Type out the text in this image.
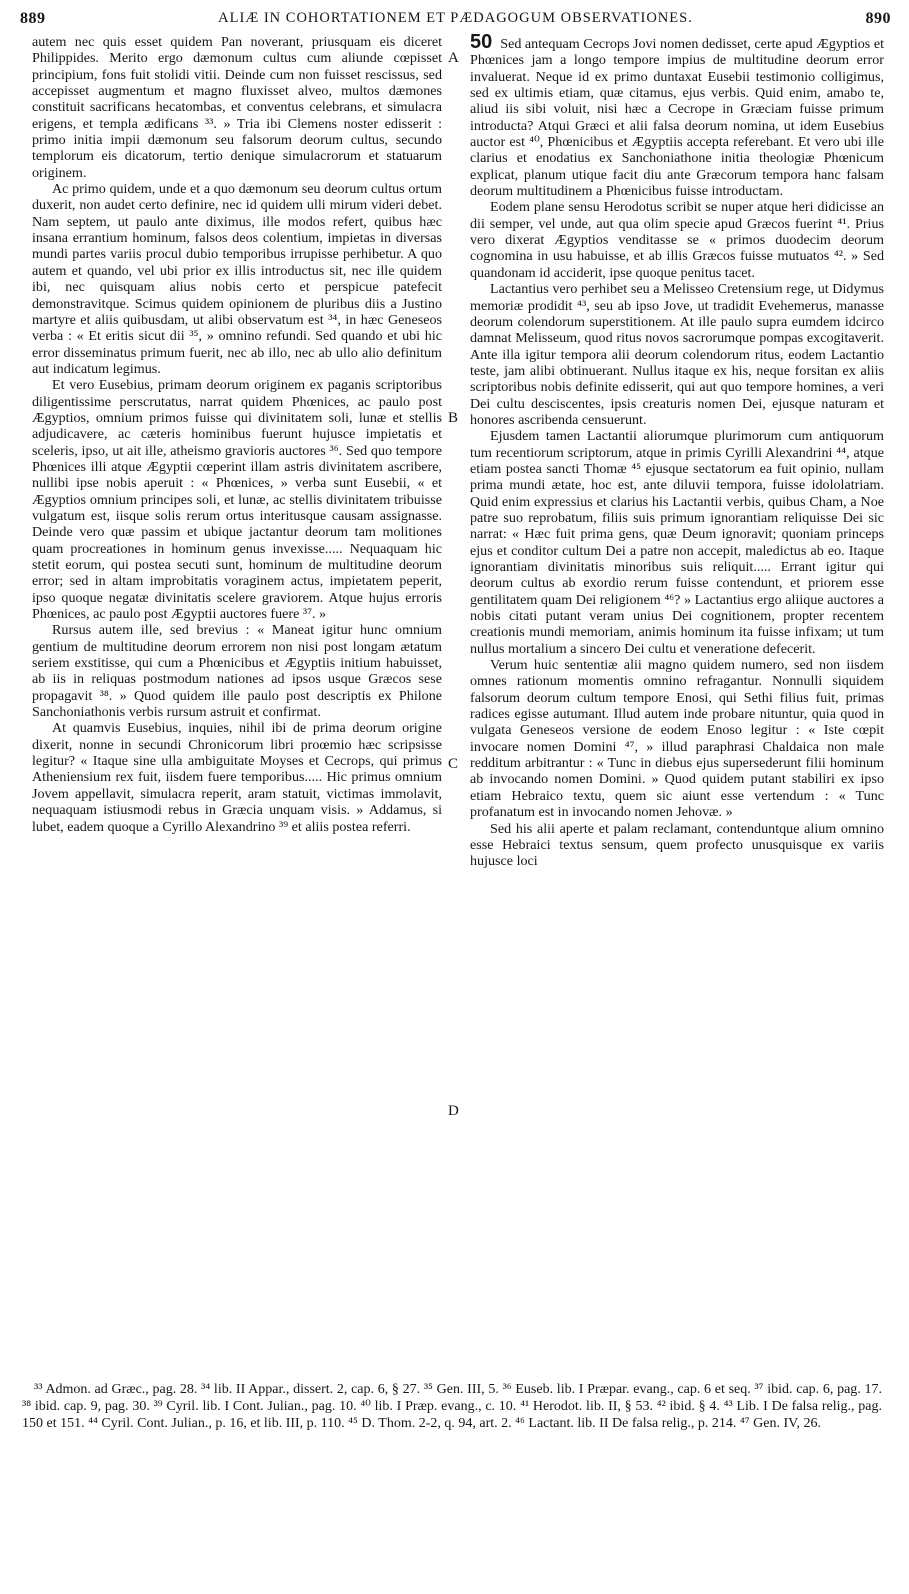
889	ALIÆ IN COHORTATIONEM ET PÆDAGOGUM OBSERVATIONES.	890

autem nec quis esset quidem Pan noverant, priusquam eis diceret Philippides. Merito ergo dæmonum cultus cum aliunde cœpisset principium, fons fuit stolidi vitii. Deinde cum non fuisset rescissus, sed accepisset augmentum et magno fluxisset alveo, multos dæmones constituit sacrificans hecatombas, et conventus celebrans, et simulacra erigens, et templa ædificans ³³. » Tria ibi Clemens noster edisserit : primo initia impii dæmonum seu falsorum deorum cultus, secundo templorum eis dicatorum, tertio denique simulacrorum et statuarum originem.

Ac primo quidem, unde et a quo dæmonum seu deorum cultus ortum duxerit, non audet certo definire, nec id quidem ulli mirum videri debet. Nam septem, ut paulo ante diximus, ille modos refert, quibus hæc insana errantium hominum, falsos deos colentium, impietas in diversas mundi partes variis procul dubio temporibus irrupisse perhibetur. A quo autem et quando, vel ubi prior ex illis introductus sit, nec ille quidem ibi, nec quisquam alius nobis certo et perspicue patefecit demonstravitque. Scimus quidem opinionem de pluribus diis a Justino martyre et aliis quibusdam, ut alibi observatum est ³⁴, in hæc Geneseos verba : « Et eritis sicut dii ³⁵, » omnino refundi. Sed quando et ubi hic error disseminatus primum fuerit, nec ab illo, nec ab ullo alio definitum aut indicatum legimus.

Et vero Eusebius, primam deorum originem ex paganis scriptoribus diligentissime perscrutatus, narrat quidem Phœnices, ac paulo post Ægyptios, omnium primos fuisse qui divinitatem soli, lunæ et stellis adjudicavere, ac cæteris hominibus fuerunt hujusce impietatis et sceleris, ipso, ut ait ille, atheismo gravioris auctores ³⁶. Sed quo tempore Phœnices illi atque Ægyptii cœperint illam astris divinitatem ascribere, nullibi ipse nobis aperuit : « Phœnices, » verba sunt Eusebii, « et Ægyptios omnium principes soli, et lunæ, ac stellis divinitatem tribuisse vulgatum est, iisque solis rerum ortus interitusque causam assignasse. Deinde vero quæ passim et ubique jactantur deorum tam molitiones quam procreationes in hominum genus invexisse..... Nequaquam hic stetit eorum, qui postea secuti sunt, hominum de multitudine deorum error; sed in altam improbitatis voraginem actus, impietatem peperit, ipso quoque negatæ divinitatis scelere graviorem. Atque hujus erroris Phœnices, ac paulo post Ægyptii auctores fuere ³⁷. »

Rursus autem ille, sed brevius : « Maneat igitur hunc omnium gentium de multitudine deorum errorem non nisi post longam ætatum seriem exstitisse, qui cum a Phœnicibus et Ægyptiis initium habuisset, ab iis in reliquas postmodum nationes ad ipsos usque Græcos sese propagavit ³⁸. » Quod quidem ille paulo post descriptis ex Philone Sanchoniathonis verbis rursum astruit et confirmat.

At quamvis Eusebius, inquies, nihil ibi de prima deorum origine dixerit, nonne in secundi Chronicorum libri proœmio hæc scripsisse legitur? « Itaque sine ulla ambiguitate Moyses et Cecrops, qui primus Atheniensium rex fuit, iisdem fuere temporibus..... Hic primus omnium Jovem appellavit, simulacra reperit, aram statuit, victimas immolavit, nequaquam istiusmodi rebus in Græcia unquam visis. » Addamus, si lubet, eadem quoque a Cyrillo Alexandrino ³⁹ et aliis postea referri.

A
B
C
D

50 Sed antequam Cecrops Jovi nomen dedisset, certe apud Ægyptios et Phœnices jam a longo tempore impius de multitudine deorum error invaluerat. Neque id ex primo duntaxat Eusebii testimonio colligimus, sed ex ultimis etiam, quæ citamus, ejus verbis. Quid enim, amabo te, aliud iis sibi voluit, nisi hæc a Cecrope in Græciam fuisse primum introducta? Atqui Græci et alii falsa deorum nomina, ut idem Eusebius auctor est ⁴⁰, Phœnicibus et Ægyptiis accepta referebant. Et vero ubi ille clarius et enodatius ex Sanchoniathone initia theologiæ Phœnicum explicat, planum utique facit diu ante Græcorum tempora hanc falsam deorum multitudinem a Phœnicibus fuisse introductam.

Eodem plane sensu Herodotus scribit se nuper atque heri didicisse an dii semper, vel unde, aut qua olim specie apud Græcos fuerint ⁴¹. Prius vero dixerat Ægyptios venditasse se « primos duodecim deorum cognomina in usu habuisse, et ab illis Græcos fuisse mutuatos ⁴². » Sed quandonam id acciderit, ipse quoque penitus tacet.

Lactantius vero perhibet seu a Melisseo Cretensium rege, ut Didymus memoriæ prodidit ⁴³, seu ab ipso Jove, ut tradidit Evehemerus, manasse deorum colendorum superstitionem. At ille paulo supra eumdem idcirco damnat Melisseum, quod ritus novos sacrorumque pompas excogitaverit. Ante illa igitur tempora alii deorum colendorum ritus, eodem Lactantio teste, jam alibi obtinuerant. Nullus itaque ex his, neque forsitan ex aliis scriptoribus nobis definite edisserit, qui aut quo tempore homines, a veri Dei cultu desciscentes, ipsis creaturis nomen Dei, ejusque naturam et honores ascribenda censuerunt.

Ejusdem tamen Lactantii aliorumque plurimorum cum antiquorum tum recentiorum scriptorum, atque in primis Cyrilli Alexandrini ⁴⁴, atque etiam postea sancti Thomæ ⁴⁵ ejusque sectatorum ea fuit opinio, nullam prima mundi ætate, hoc est, ante diluvii tempora, fuisse idololatriam. Quid enim expressius et clarius his Lactantii verbis, quibus Cham, a Noe patre suo reprobatum, filiis suis primum ignorantiam reliquisse Dei sic narrat: « Hæc fuit prima gens, quæ Deum ignoravit; quoniam princeps ejus et conditor cultum Dei a patre non accepit, maledictus ab eo. Itaque ignorantiam divinitatis minoribus suis reliquit..... Errant igitur qui deorum cultus ab exordio rerum fuisse contendunt, et priorem esse gentilitatem quam Dei religionem ⁴⁶? » Lactantius ergo aliique auctores a nobis citati putant veram unius Dei cognitionem, propter recentem creationis mundi memoriam, animis hominum ita fuisse infixam; ut tum nullus mortalium a sincero Dei cultu et veneratione defecerit.

Verum huic sententiæ alii magno quidem numero, sed non iisdem omnes rationum momentis omnino refragantur. Nonnulli siquidem falsorum deorum cultum tempore Enosi, qui Sethi filius fuit, primas radices egisse autumant. Illud autem inde probare nituntur, quia quod in vulgata Geneseos versione de eodem Enoso legitur : « Iste cœpit invocare nomen Domini ⁴⁷, » illud paraphrasi Chaldaica non male redditum arbitrantur : « Tunc in diebus ejus supersederunt filii hominum ab invocando nomen Domini. » Quod quidem putant stabiliri ex ipso etiam Hebraico textu, quem sic aiunt esse vertendum : « Tunc profanatum est in invocando nomen Jehovæ. »

Sed his alii aperte et palam reclamant, contenduntque alium omnino esse Hebraici textus sensum, quem profecto unusquisque ex variis hujusce loci

³³ Admon. ad Græc., pag. 28. ³⁴ lib. II Appar., dissert. 2, cap. 6, § 27. ³⁵ Gen. III, 5. ³⁶ Euseb. lib. I Præpar. evang., cap. 6 et seq. ³⁷ ibid. cap. 6, pag. 17. ³⁸ ibid. cap. 9, pag. 30. ³⁹ Cyril. lib. I Cont. Julian., pag. 10. ⁴⁰ lib. I Præp. evang., c. 10. ⁴¹ Herodot. lib. II, § 53. ⁴² ibid. § 4. ⁴³ Lib. I De falsa relig., pag. 150 et 151. ⁴⁴ Cyril. Cont. Julian., p. 16, et lib. III, p. 110. ⁴⁵ D. Thom. 2-2, q. 94, art. 2. ⁴⁶ Lactant. lib. II De falsa relig., p. 214. ⁴⁷ Gen. IV, 26.
